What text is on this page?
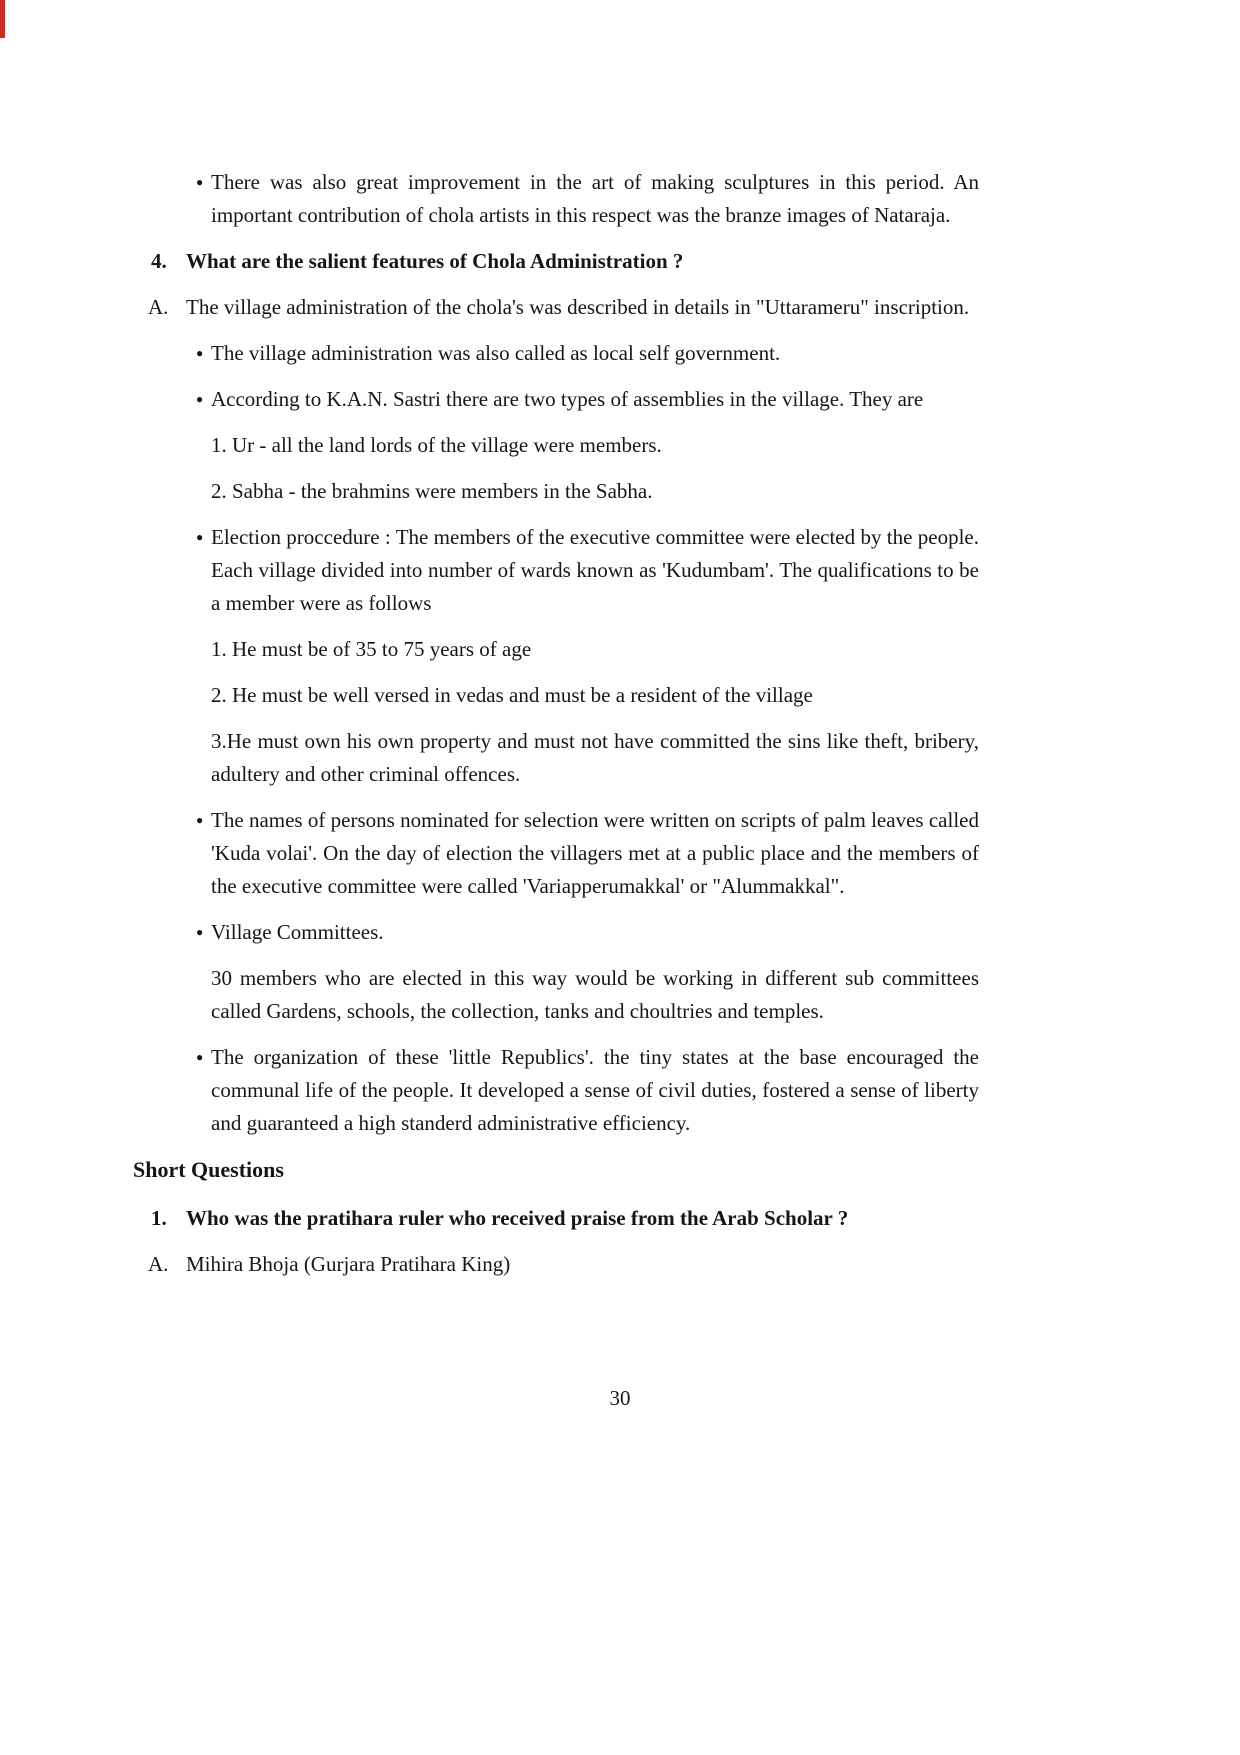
● There was also great improvement in the art of making sculptures in this period. An important contribution of chola artists in this respect was the branze images of Nataraja.
4. What are the salient features of Chola Administration ?
A. The village administration of the chola's was described in details in "Uttarameru" inscription.
● The village administration was also called as local self government.
● According to K.A.N. Sastri there are two types of assemblies in the village. They are
1. Ur - all the land lords of the village were members.
2. Sabha - the brahmins were members in the Sabha.
● Election proccedure : The members of the executive committee were elected by the people. Each village divided into number of wards known as 'Kudumbam'. The qualifications to be a member were as follows
1. He must be of 35 to 75 years of age
2. He must be well versed in vedas and must be a resident of the village
3.He must own his own property and must not have committed the sins like theft, bribery, adultery and other criminal offences.
● The names of persons nominated for selection were written on scripts of palm leaves called 'Kuda volai'. On the day of election the villagers met at a public place and the members of the executive committee were called 'Variapperumakkal' or "Alummakkal".
● Village Committees.
30 members who are elected in this way would be working in different sub committees called Gardens, schools, the collection, tanks and choultries and temples.
● The organization of these 'little Republics'. the tiny states at the base encouraged the communal life of the people. It developed a sense of civil duties, fostered a sense of liberty and guaranteed a high standerd administrative efficiency.
Short Questions
1. Who was the pratihara ruler who received praise from the Arab Scholar ?
A. Mihira Bhoja (Gurjara Pratihara King)
30
